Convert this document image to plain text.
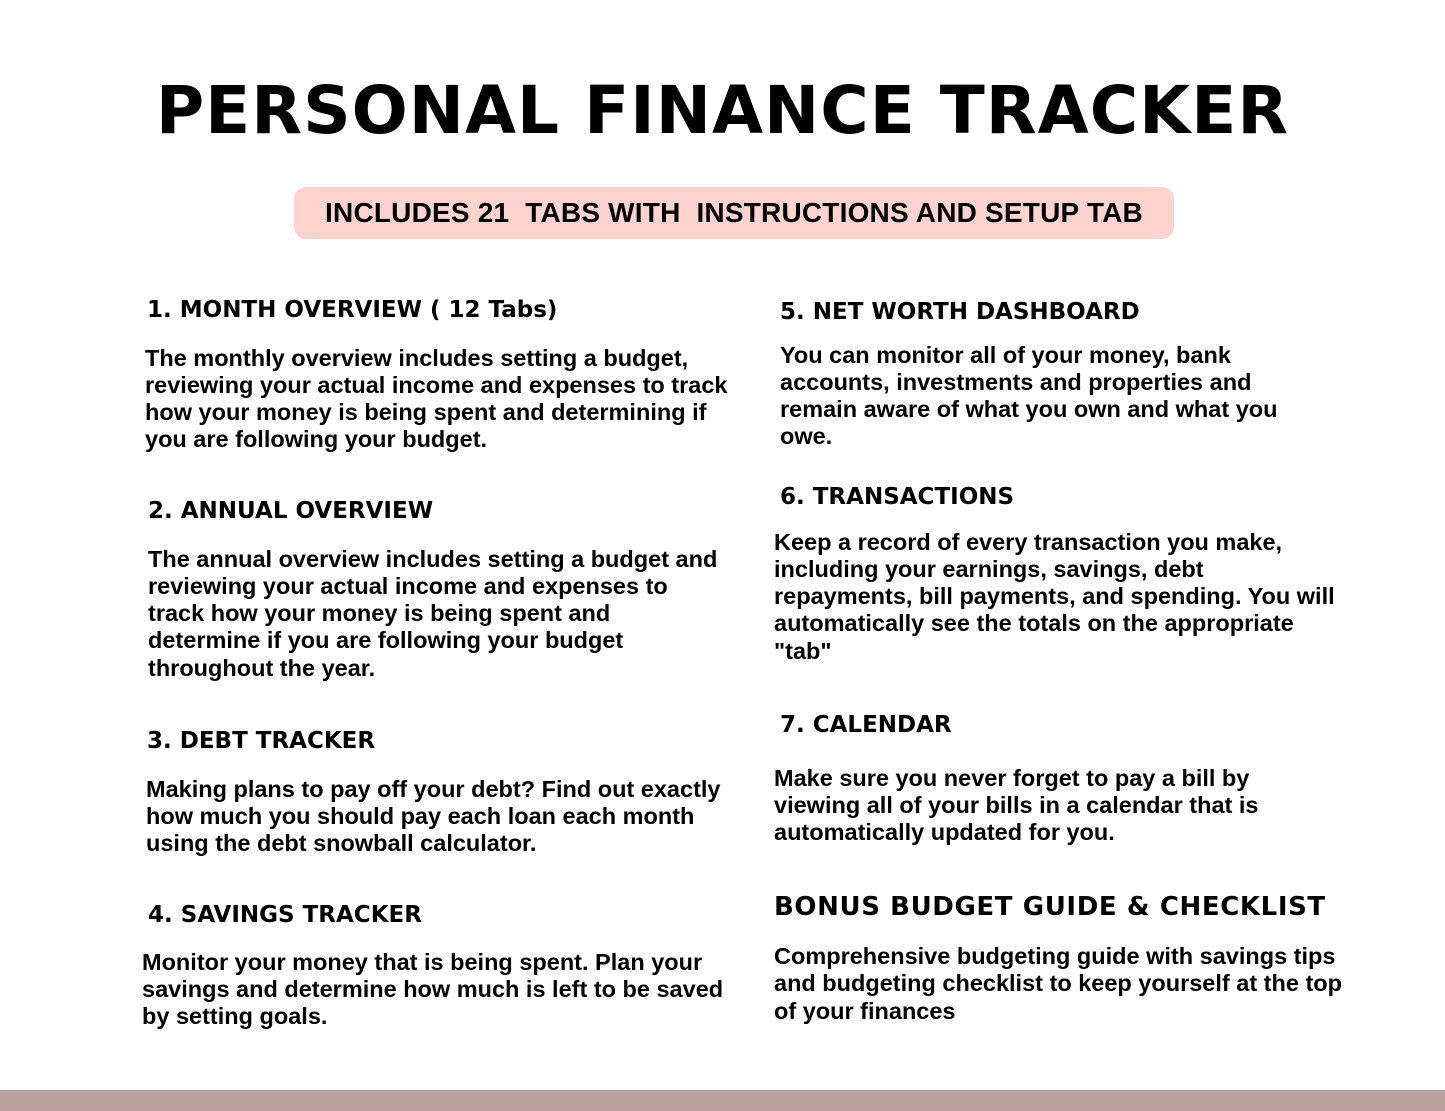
PERSONAL FINANCE TRACKER
INCLUDES 21  TABS WITH  INSTRUCTIONS AND SETUP TAB
1. MONTH OVERVIEW ( 12 Tabs)

The monthly overview includes setting a budget, reviewing your actual income and expenses to track how your money is being spent and determining if you are following your budget.

2. ANNUAL OVERVIEW

The annual overview includes setting a budget and reviewing your actual income and expenses to track how your money is being spent and determine if you are following your budget throughout the year.

3. DEBT TRACKER

Making plans to pay off your debt? Find out exactly how much you should pay each loan each month using the debt snowball calculator.

4. SAVINGS TRACKER

Monitor your money that is being spent. Plan your savings and determine how much is left to be saved by setting goals.

5. NET WORTH DASHBOARD

You can monitor all of your money, bank accounts, investments and properties and remain aware of what you own and what you owe.

6. TRANSACTIONS

Keep a record of every transaction you make, including your earnings, savings, debt repayments, bill payments, and spending. You will automatically see the totals on the appropriate "tab"

7. CALENDAR

Make sure you never forget to pay a bill by viewing all of your bills in a calendar that is automatically updated for you.

BONUS BUDGET GUIDE & CHECKLIST

Comprehensive budgeting guide with savings tips and budgeting checklist to keep yourself at the top of your finances
